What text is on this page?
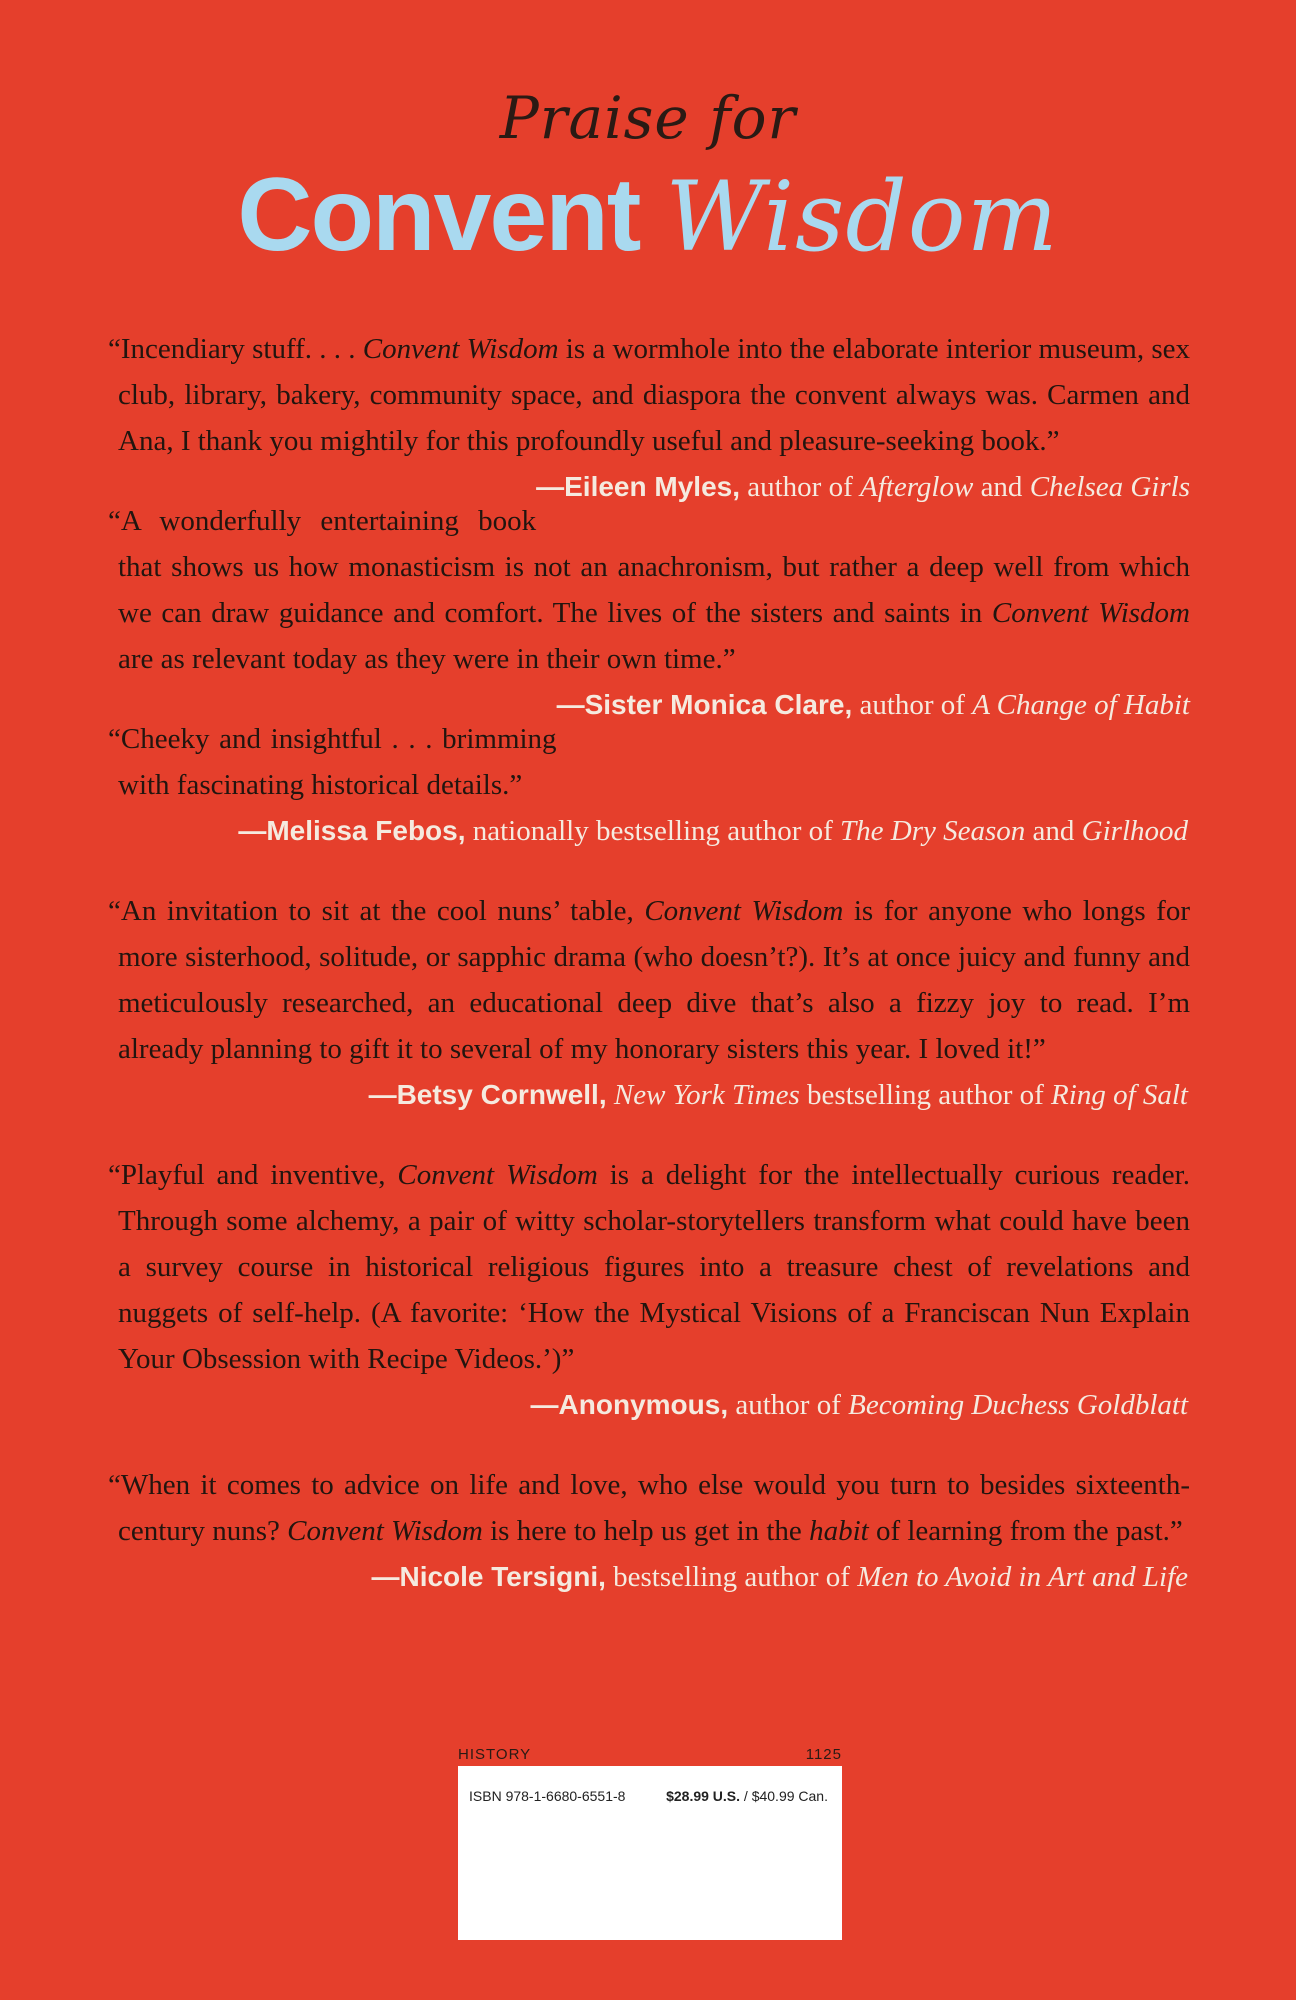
Praise for
Convent Wisdom

“Incendiary stuff. . . . Convent Wisdom is a wormhole into the elaborate interior museum, sex club, library, bakery, community space, and diaspora the convent always was. Carmen and Ana, I thank you mightily for this profoundly useful and pleasure-seeking book.”
—Eileen Myles, author of Afterglow and Chelsea Girls

“A wonderfully entertaining book that shows us how monasticism is not an anachronism, but rather a deep well from which we can draw guidance and comfort. The lives of the sisters and saints in Convent Wisdom are as relevant today as they were in their own time.”
—Sister Monica Clare, author of A Change of Habit

“Cheeky and insightful . . . brimming with fascinating historical details.”

—Melissa Febos, nationally bestselling author of The Dry Season and Girlhood

“An invitation to sit at the cool nuns’ table, Convent Wisdom is for anyone who longs for more sisterhood, solitude, or sapphic drama (who doesn’t?). It’s at once juicy and funny and meticulously researched, an educational deep dive that’s also a fizzy joy to read. I’m already planning to gift it to several of my honorary sisters this year. I loved it!”

—Betsy Cornwell, New York Times bestselling author of Ring of Salt

“Playful and inventive, Convent Wisdom is a delight for the intellectually curious reader. Through some alchemy, a pair of witty scholar-storytellers transform what could have been a survey course in historical religious figures into a treasure chest of revelations and nuggets of self-help. (A favorite: ‘How the Mystical Visions of a Franciscan Nun Explain Your Obsession with Recipe Videos.’)”

—Anonymous, author of Becoming Duchess Goldblatt

“When it comes to advice on life and love, who else would you turn to besides sixteenth-century nuns? Convent Wisdom is here to help us get in the habit of learning from the past.”

—Nicole Tersigni, bestselling author of Men to Avoid in Art and Life

HISTORY	1125
ISBN 978-1-6680-6551-8	$28.99 U.S. / $40.99 Can.
